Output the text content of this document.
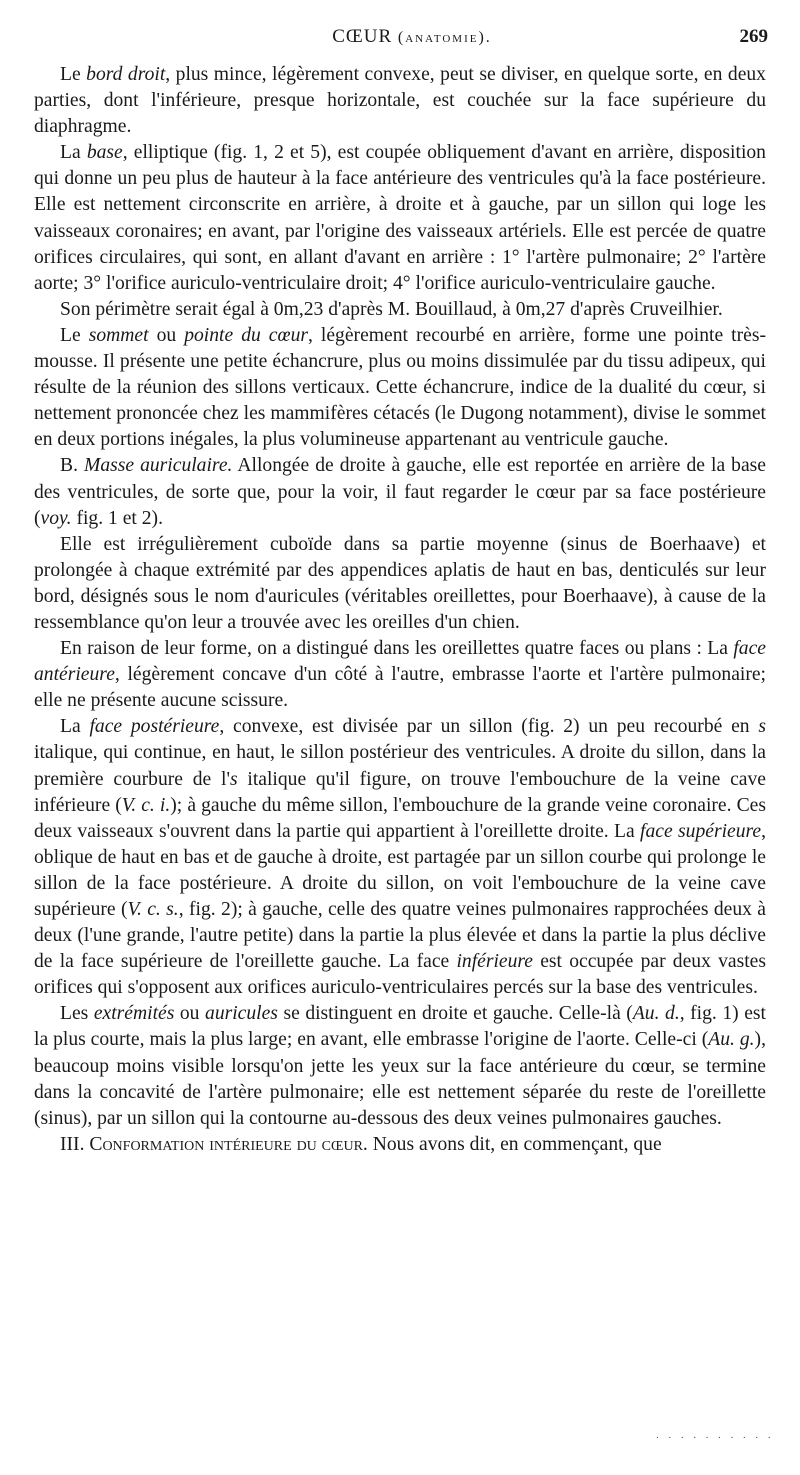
CŒUR (anatomie).	269

Le bord droit, plus mince, légèrement convexe, peut se diviser, en quelque sorte, en deux parties, dont l'inférieure, presque horizontale, est couchée sur la face supérieure du diaphragme.

La base, elliptique (fig. 1, 2 et 5), est coupée obliquement d'avant en arrière, disposition qui donne un peu plus de hauteur à la face antérieure des ventricules qu'à la face postérieure. Elle est nettement circonscrite en arrière, à droite et à gauche, par un sillon qui loge les vaisseaux coronaires; en avant, par l'origine des vaisseaux artériels. Elle est percée de quatre orifices circulaires, qui sont, en allant d'avant en arrière : 1° l'artère pulmonaire; 2° l'artère aorte; 3° l'orifice auriculo-ventriculaire droit; 4° l'orifice auriculo-ventriculaire gauche.

Son périmètre serait égal à 0m,23 d'après M. Bouillaud, à 0m,27 d'après Cruveilhier.

Le sommet ou pointe du cœur, légèrement recourbé en arrière, forme une pointe très-mousse. Il présente une petite échancrure, plus ou moins dissimulée par du tissu adipeux, qui résulte de la réunion des sillons verticaux. Cette échancrure, indice de la dualité du cœur, si nettement prononcée chez les mammifères cétacés (le Dugong notamment), divise le sommet en deux portions inégales, la plus volumineuse appartenant au ventricule gauche.

B. Masse auriculaire. Allongée de droite à gauche, elle est reportée en arrière de la base des ventricules, de sorte que, pour la voir, il faut regarder le cœur par sa face postérieure (voy. fig. 1 et 2).

Elle est irrégulièrement cuboïde dans sa partie moyenne (sinus de Boerhaave) et prolongée à chaque extrémité par des appendices aplatis de haut en bas, denticulés sur leur bord, désignés sous le nom d'auricules (véritables oreillettes, pour Boerhaave), à cause de la ressemblance qu'on leur a trouvée avec les oreilles d'un chien.

En raison de leur forme, on a distingué dans les oreillettes quatre faces ou plans : La face antérieure, légèrement concave d'un côté à l'autre, embrasse l'aorte et l'artère pulmonaire; elle ne présente aucune scissure.

La face postérieure, convexe, est divisée par un sillon (fig. 2) un peu recourbé en s italique, qui continue, en haut, le sillon postérieur des ventricules. A droite du sillon, dans la première courbure de l's italique qu'il figure, on trouve l'embouchure de la veine cave inférieure (V. c. i.); à gauche du même sillon, l'embouchure de la grande veine coronaire. Ces deux vaisseaux s'ouvrent dans la partie qui appartient à l'oreillette droite. La face supérieure, oblique de haut en bas et de gauche à droite, est partagée par un sillon courbe qui prolonge le sillon de la face postérieure. A droite du sillon, on voit l'embouchure de la veine cave supérieure (V. c. s., fig. 2); à gauche, celle des quatre veines pulmonaires rapprochées deux à deux (l'une grande, l'autre petite) dans la partie la plus élevée et dans la partie la plus déclive de la face supérieure de l'oreillette gauche. La face inférieure est occupée par deux vastes orifices qui s'opposent aux orifices auriculo-ventriculaires percés sur la base des ventricules.

Les extrémités ou auricules se distinguent en droite et gauche. Celle-là (Au. d., fig. 1) est la plus courte, mais la plus large; en avant, elle embrasse l'origine de l'aorte. Celle-ci (Au. g.), beaucoup moins visible lorsqu'on jette les yeux sur la face antérieure du cœur, se termine dans la concavité de l'artère pulmonaire; elle est nettement séparée du reste de l'oreillette (sinus), par un sillon qui la contourne au-dessous des deux veines pulmonaires gauches.

III. Conformation intérieure du cœur. Nous avons dit, en commençant, que

· · · · · · · · · ·
